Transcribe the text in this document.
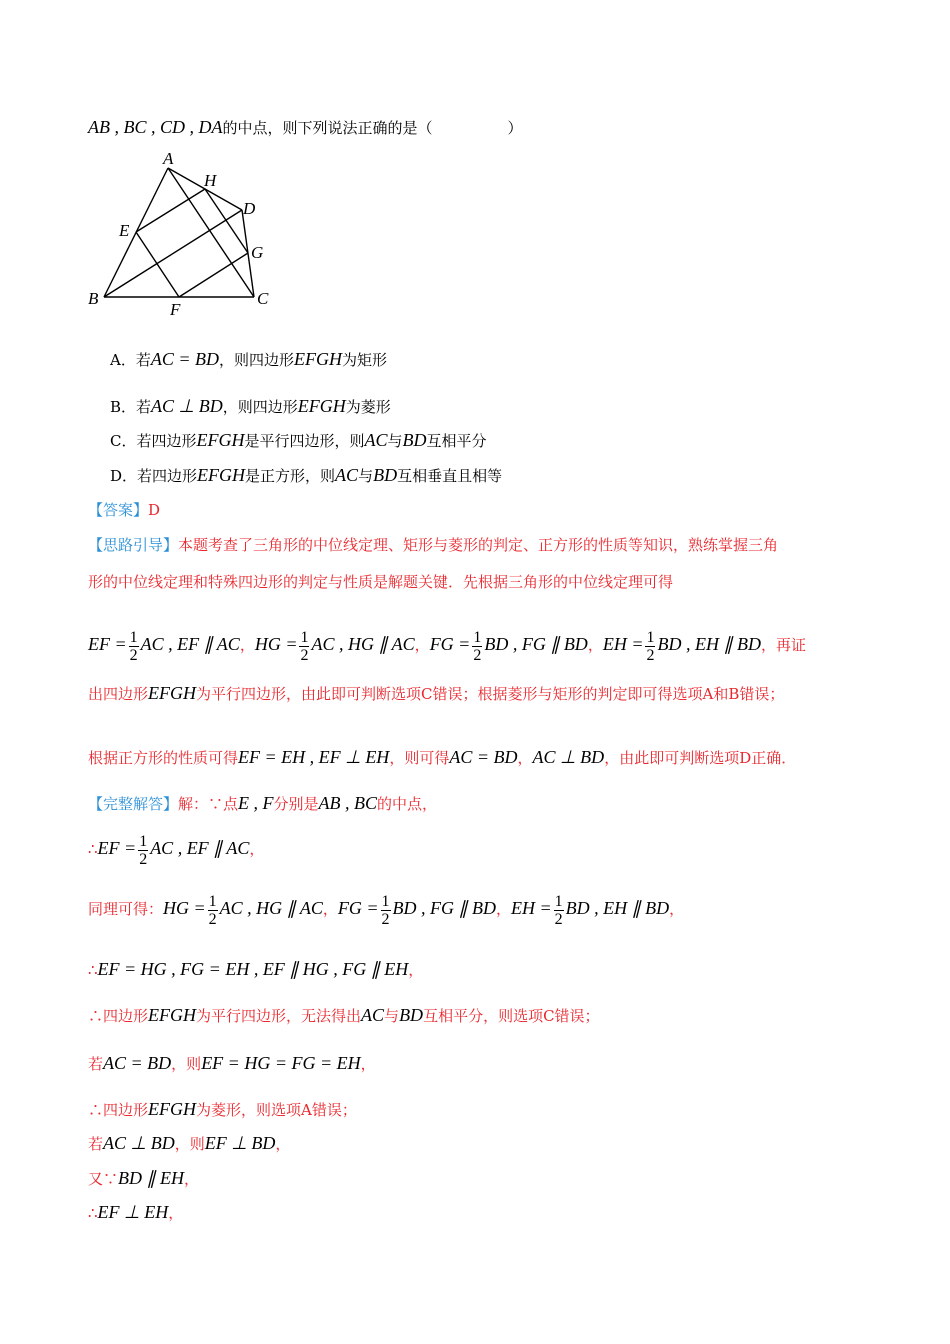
AB , BC , CD , DA的中点，则下列说法正确的是（　　　　　）
A
H
D
E
G
B
F
C
A．若AC = BD，则四边形EFGH为矩形
B．若AC ⊥ BD，则四边形EFGH为菱形
C．若四边形EFGH是平行四边形，则AC与BD互相平分
D．若四边形EFGH是正方形，则AC与BD互相垂直且相等
【答案】D
【思路引导】本题考查了三角形的中位线定理、矩形与菱形的判定、正方形的性质等知识，熟练掌握三角
形的中位线定理和特殊四边形的判定与性质是解题关键．先根据三角形的中位线定理可得
EF = $\frac{1}{2}$ AC , EF ∥ AC，HG = $\frac{1}{2}$ AC , HG ∥ AC，FG = $\frac{1}{2}$ BD , FG ∥ BD，EH = $\frac{1}{2}$ BD , EH ∥ BD，再证
出四边形EFGH为平行四边形，由此即可判断选项C错误；根据菱形与矩形的判定即可得选项A和B错误；
根据正方形的性质可得EF = EH , EF ⊥ EH，则可得AC = BD，AC ⊥ BD，由此即可判断选项D正确．
【完整解答】解：∵点E , F分别是AB , BC的中点，
∴EF = $\frac{1}{2}$ AC , EF ∥ AC，
同理可得：HG = $\frac{1}{2}$ AC , HG ∥ AC，FG = $\frac{1}{2}$ BD , FG ∥ BD，EH = $\frac{1}{2}$ BD , EH ∥ BD，
∴EF = HG , FG = EH , EF ∥ HG , FG ∥ EH，
∴四边形EFGH为平行四边形，无法得出AC与BD互相平分，则选项C错误；
若AC = BD，则EF = HG = FG = EH，
∴四边形EFGH为菱形，则选项A错误；
若AC ⊥ BD，则EF ⊥ BD，
又∵BD ∥ EH，
∴EF ⊥ EH，
